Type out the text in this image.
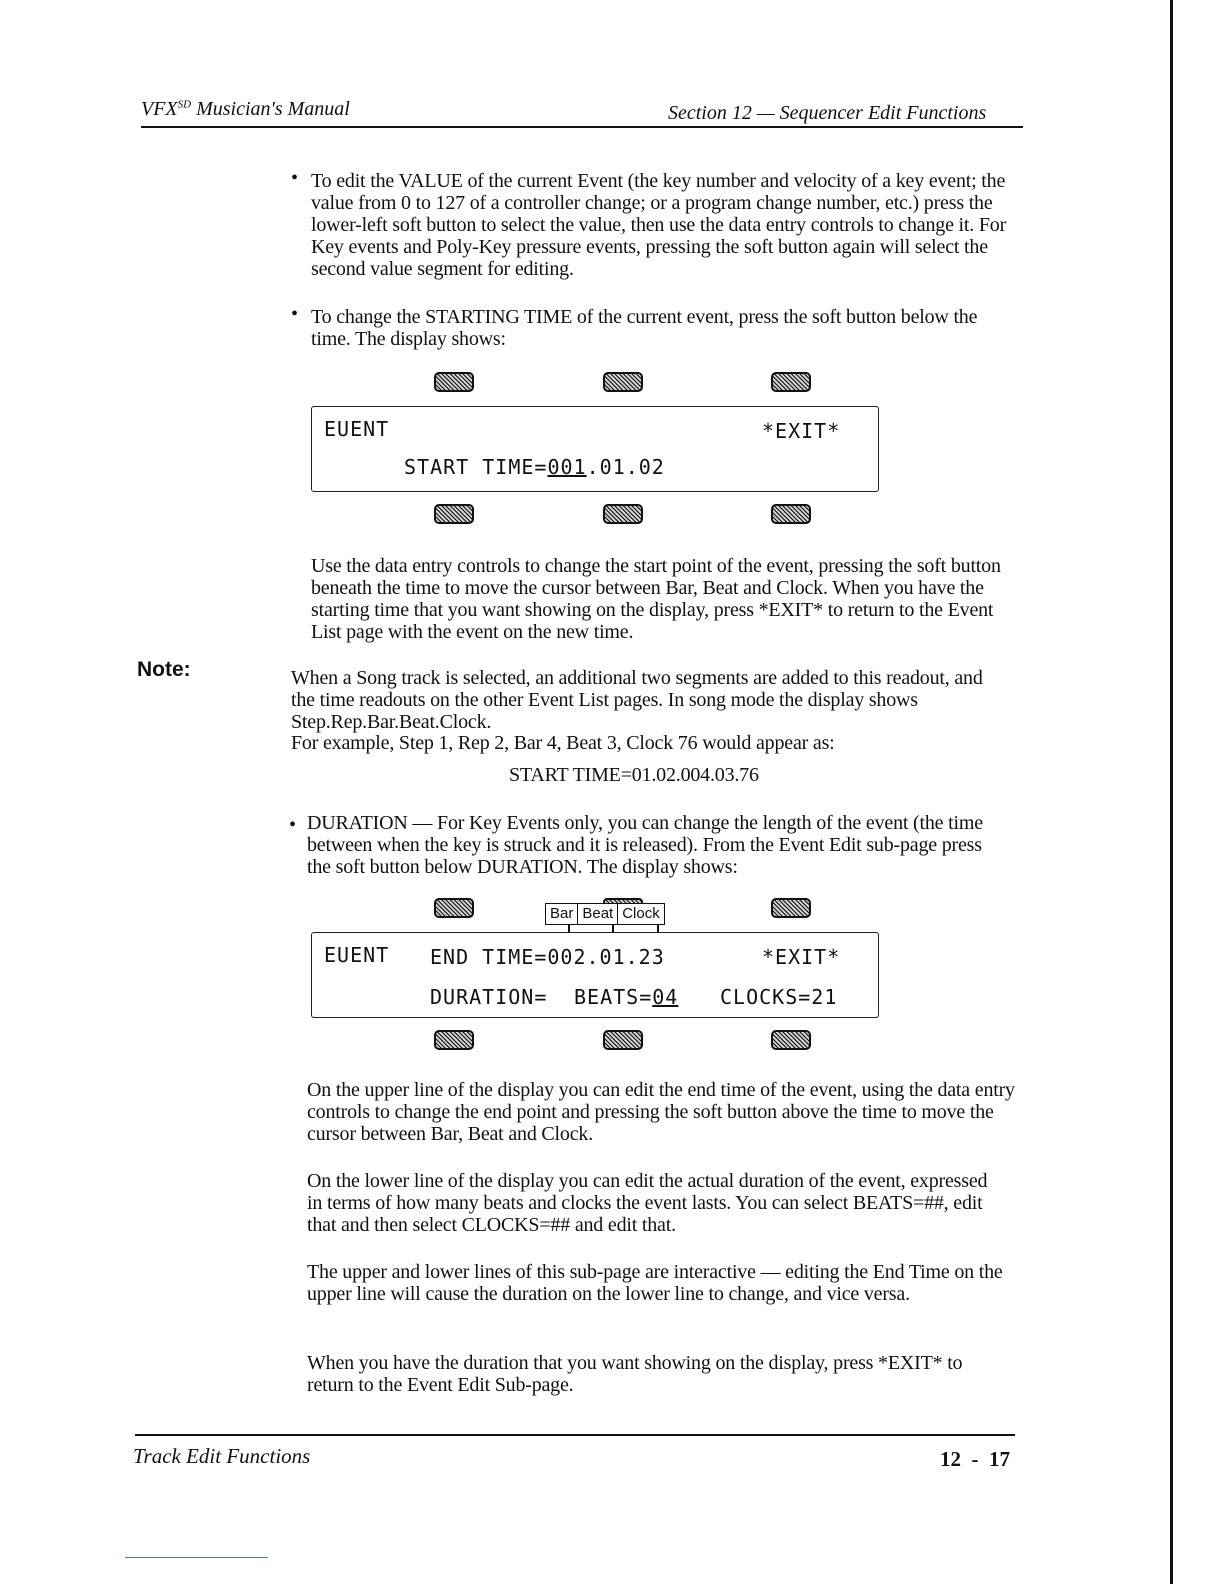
$VFX^{SD}$ Musician's Manual	Section 12 — Sequencer Edit Functions
• To edit the VALUE of the current Event (the key number and velocity of a key event; the value from 0 to 127 of a controller change; or a program change number, etc.) press the lower-left soft button to select the value, then use the data entry controls to change it. For Key events and Poly-Key pressure events, pressing the soft button again will select the second value segment for editing.
• To change the STARTING TIME of the current event, press the soft button below the time. The display shows:
EUENT	*EXIT*
START TIME=001.01.02
Use the data entry controls to change the start point of the event, pressing the soft button beneath the time to move the cursor between Bar, Beat and Clock. When you have the starting time that you want showing on the display, press *EXIT* to return to the Event List page with the event on the new time.
Note:	When a Song track is selected, an additional two segments are added to this readout, and the time readouts on the other Event List pages. In song mode the display shows Step.Rep.Bar.Beat.Clock.
For example, Step 1, Rep 2, Bar 4, Beat 3, Clock 76 would appear as:
START TIME=01.02.004.03.76
• DURATION — For Key Events only, you can change the length of the event (the time between when the key is struck and it is released). From the Event Edit sub-page press the soft button below DURATION. The display shows:
Bar Beat Clock
EUENT END TIME=002.01.23	*EXIT*
DURATION= BEATS=04 CLOCKS=21
On the upper line of the display you can edit the end time of the event, using the data entry controls to change the end point and pressing the soft button above the time to move the cursor between Bar, Beat and Clock.
On the lower line of the display you can edit the actual duration of the event, expressed in terms of how many beats and clocks the event lasts. You can select BEATS=##, edit that and then select CLOCKS=## and edit that.
The upper and lower lines of this sub-page are interactive — editing the End Time on the upper line will cause the duration on the lower line to change, and vice versa.
When you have the duration that you want showing on the display, press *EXIT* to return to the Event Edit Sub-page.
Track Edit Functions	12  -  17
